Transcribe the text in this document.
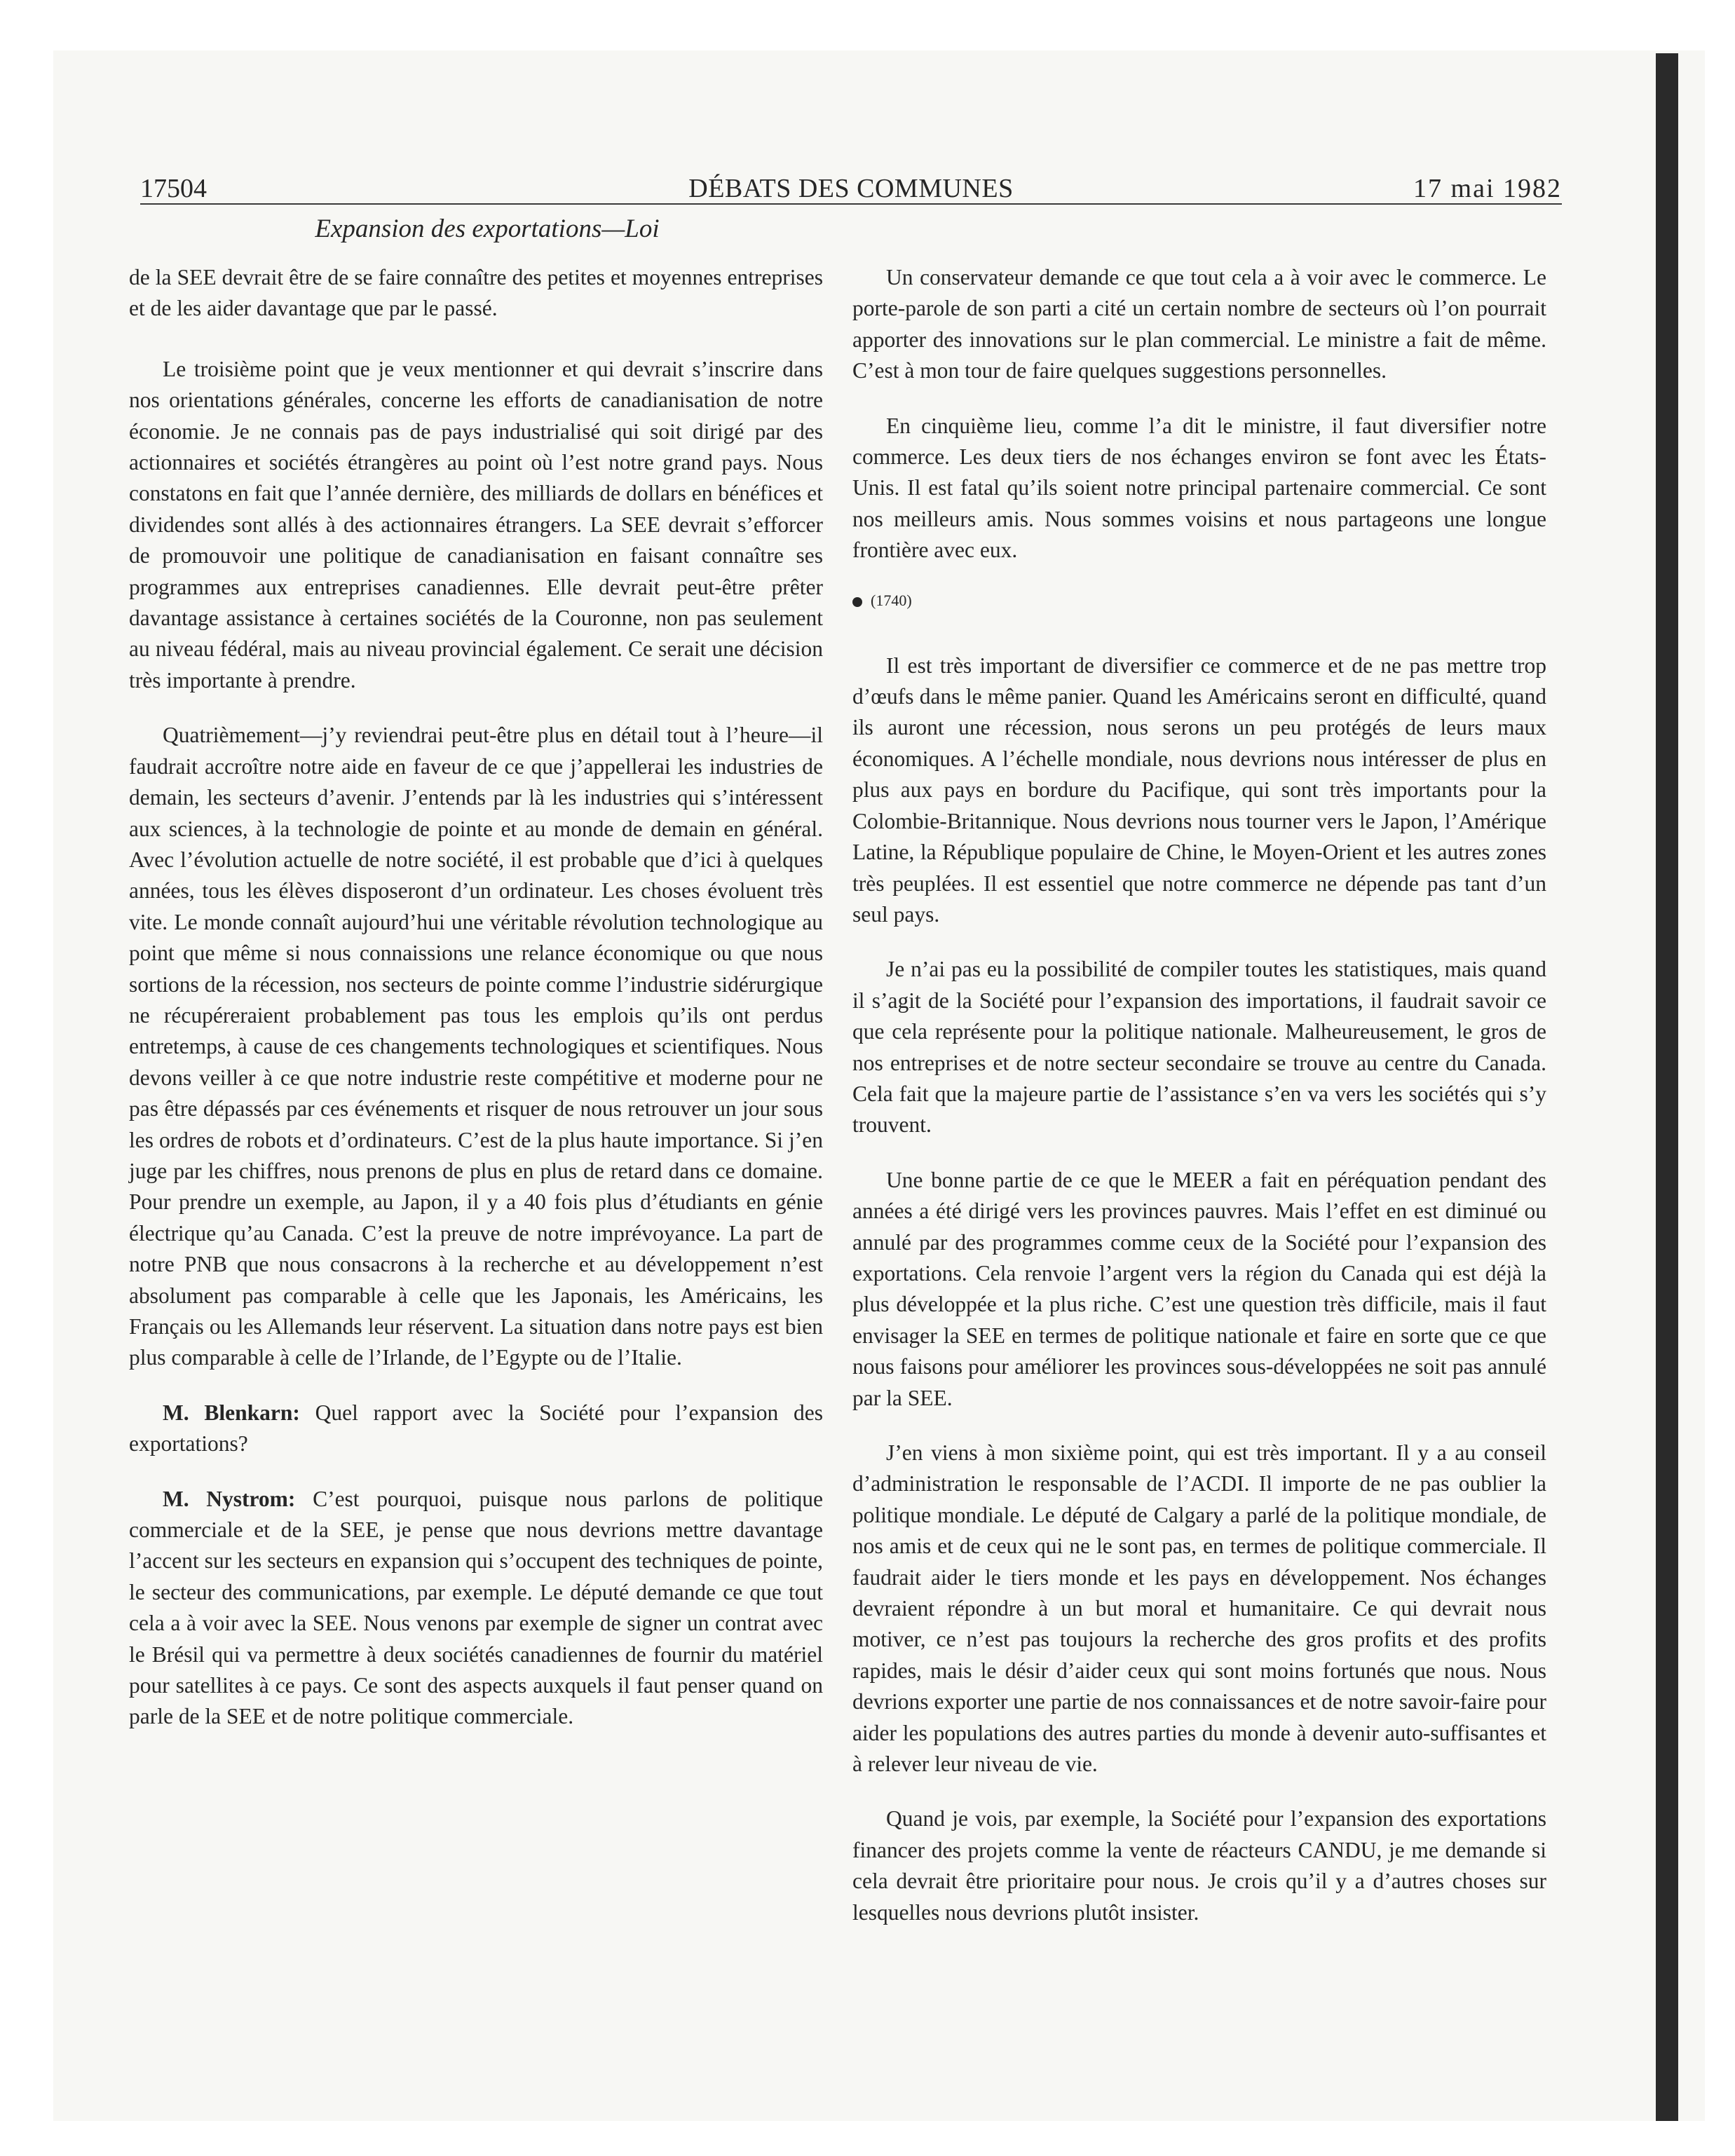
17504	DÉBATS DES COMMUNES	17 mai 1982
Expansion des exportations—Loi

de la SEE devrait être de se faire connaître des petites et moyennes entreprises et de les aider davantage que par le passé.

Le troisième point que je veux mentionner et qui devrait s’inscrire dans nos orientations générales, concerne les efforts de canadianisation de notre économie. Je ne connais pas de pays industrialisé qui soit dirigé par des actionnaires et sociétés étrangères au point où l’est notre grand pays. Nous constatons en fait que l’année dernière, des milliards de dollars en bénéfices et dividendes sont allés à des actionnaires étrangers. La SEE devrait s’efforcer de promouvoir une politique de canadianisation en faisant connaître ses programmes aux entreprises canadiennes. Elle devrait peut-être prêter davantage assistance à certaines sociétés de la Couronne, non pas seulement au niveau fédéral, mais au niveau provincial également. Ce serait une décision très importante à prendre.

Quatrièmement—j’y reviendrai peut-être plus en détail tout à l’heure—il faudrait accroître notre aide en faveur de ce que j’appellerai les industries de demain, les secteurs d’avenir. J’entends par là les industries qui s’intéressent aux sciences, à la technologie de pointe et au monde de demain en général. Avec l’évolution actuelle de notre société, il est probable que d’ici à quelques années, tous les élèves disposeront d’un ordinateur. Les choses évoluent très vite. Le monde connaît aujourd’hui une véritable révolution technologique au point que même si nous connaissions une relance économique ou que nous sortions de la récession, nos secteurs de pointe comme l’industrie sidérurgique ne récupéreraient probablement pas tous les emplois qu’ils ont perdus entretemps, à cause de ces changements technologiques et scientifiques. Nous devons veiller à ce que notre industrie reste compétitive et moderne pour ne pas être dépassés par ces événements et risquer de nous retrouver un jour sous les ordres de robots et d’ordinateurs. C’est de la plus haute importance. Si j’en juge par les chiffres, nous prenons de plus en plus de retard dans ce domaine. Pour prendre un exemple, au Japon, il y a 40 fois plus d’étudiants en génie électrique qu’au Canada. C’est la preuve de notre imprévoyance. La part de notre PNB que nous consacrons à la recherche et au développement n’est absolument pas comparable à celle que les Japonais, les Américains, les Français ou les Allemands leur réservent. La situation dans notre pays est bien plus comparable à celle de l’Irlande, de l’Egypte ou de l’Italie.

M. Blenkarn: Quel rapport avec la Société pour l’expansion des exportations?

M. Nystrom: C’est pourquoi, puisque nous parlons de politique commerciale et de la SEE, je pense que nous devrions mettre davantage l’accent sur les secteurs en expansion qui s’occupent des techniques de pointe, le secteur des communications, par exemple. Le député demande ce que tout cela a à voir avec la SEE. Nous venons par exemple de signer un contrat avec le Brésil qui va permettre à deux sociétés canadiennes de fournir du matériel pour satellites à ce pays. Ce sont des aspects auxquels il faut penser quand on parle de la SEE et de notre politique commerciale.

Un conservateur demande ce que tout cela a à voir avec le commerce. Le porte-parole de son parti a cité un certain nombre de secteurs où l’on pourrait apporter des innovations sur le plan commercial. Le ministre a fait de même. C’est à mon tour de faire quelques suggestions personnelles.

En cinquième lieu, comme l’a dit le ministre, il faut diversifier notre commerce. Les deux tiers de nos échanges environ se font avec les États-Unis. Il est fatal qu’ils soient notre principal partenaire commercial. Ce sont nos meilleurs amis. Nous sommes voisins et nous partageons une longue frontière avec eux.

(1740)

Il est très important de diversifier ce commerce et de ne pas mettre trop d’œufs dans le même panier. Quand les Américains seront en difficulté, quand ils auront une récession, nous serons un peu protégés de leurs maux économiques. A l’échelle mondiale, nous devrions nous intéresser de plus en plus aux pays en bordure du Pacifique, qui sont très importants pour la Colombie-Britannique. Nous devrions nous tourner vers le Japon, l’Amérique Latine, la République populaire de Chine, le Moyen-Orient et les autres zones très peuplées. Il est essentiel que notre commerce ne dépende pas tant d’un seul pays.

Je n’ai pas eu la possibilité de compiler toutes les statistiques, mais quand il s’agit de la Société pour l’expansion des importations, il faudrait savoir ce que cela représente pour la politique nationale. Malheureusement, le gros de nos entreprises et de notre secteur secondaire se trouve au centre du Canada. Cela fait que la majeure partie de l’assistance s’en va vers les sociétés qui s’y trouvent.

Une bonne partie de ce que le MEER a fait en péréquation pendant des années a été dirigé vers les provinces pauvres. Mais l’effet en est diminué ou annulé par des programmes comme ceux de la Société pour l’expansion des exportations. Cela renvoie l’argent vers la région du Canada qui est déjà la plus développée et la plus riche. C’est une question très difficile, mais il faut envisager la SEE en termes de politique nationale et faire en sorte que ce que nous faisons pour améliorer les provinces sous-développées ne soit pas annulé par la SEE.

J’en viens à mon sixième point, qui est très important. Il y a au conseil d’administration le responsable de l’ACDI. Il importe de ne pas oublier la politique mondiale. Le député de Calgary a parlé de la politique mondiale, de nos amis et de ceux qui ne le sont pas, en termes de politique commerciale. Il faudrait aider le tiers monde et les pays en développement. Nos échanges devraient répondre à un but moral et humanitaire. Ce qui devrait nous motiver, ce n’est pas toujours la recherche des gros profits et des profits rapides, mais le désir d’aider ceux qui sont moins fortunés que nous. Nous devrions exporter une partie de nos connaissances et de notre savoir-faire pour aider les populations des autres parties du monde à devenir auto-suffisantes et à relever leur niveau de vie.

Quand je vois, par exemple, la Société pour l’expansion des exportations financer des projets comme la vente de réacteurs CANDU, je me demande si cela devrait être prioritaire pour nous. Je crois qu’il y a d’autres choses sur lesquelles nous devrions plutôt insister.
